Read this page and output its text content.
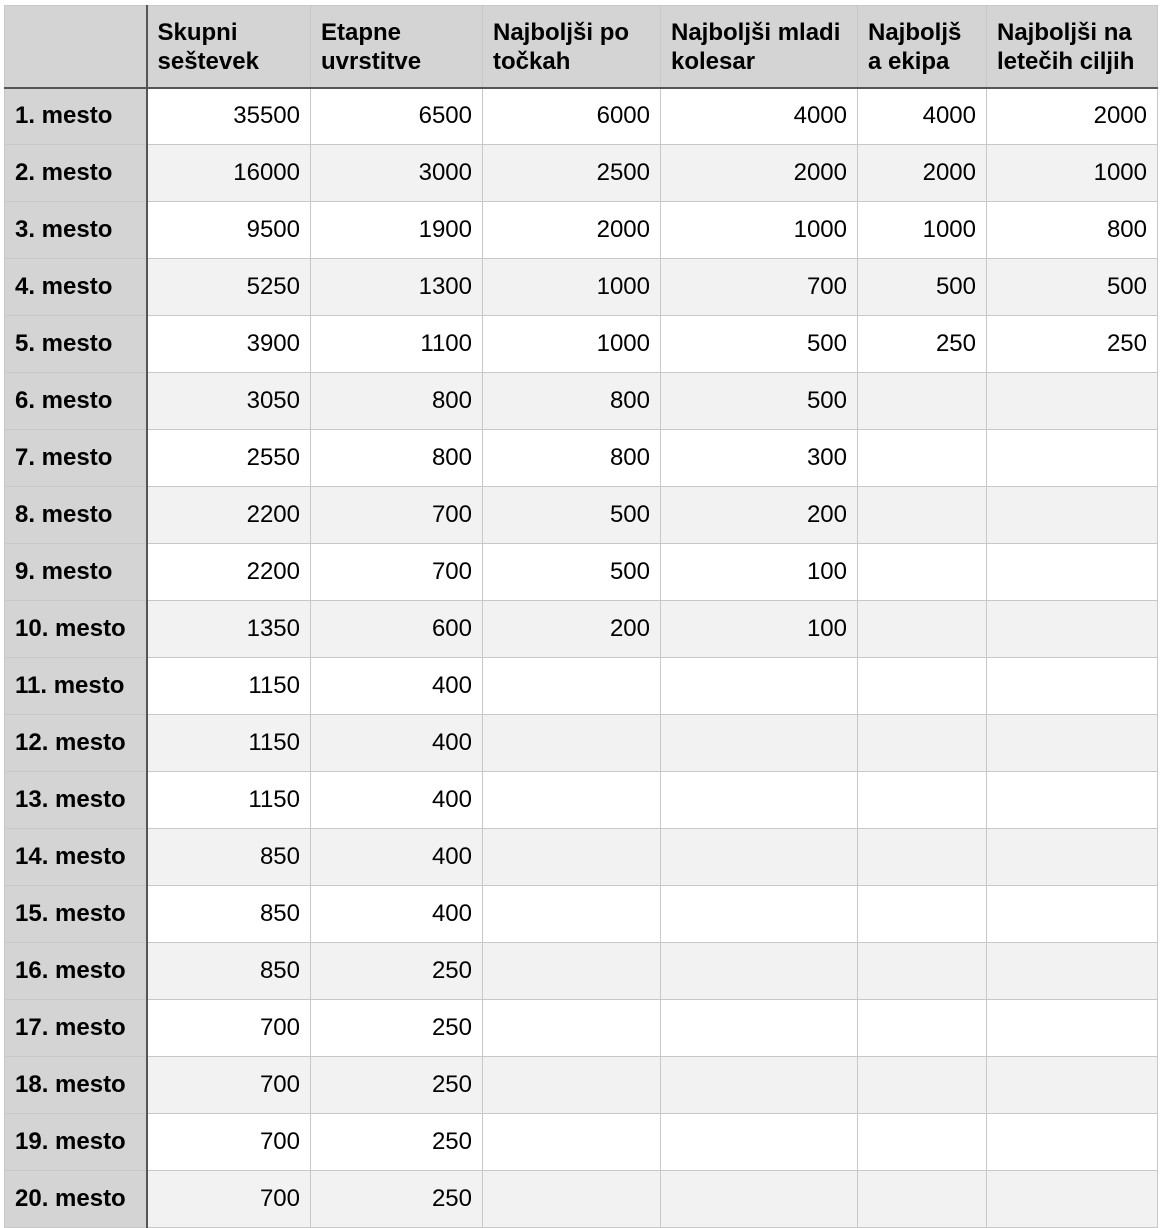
	Skupni seštevek	Etapne uvrstitve	Najboljši po točkah	Najboljši mladi kolesar	Najboljš a ekipa	Najboljši na letečih ciljih
1. mesto	35500	6500	6000	4000	4000	2000
2. mesto	16000	3000	2500	2000	2000	1000
3. mesto	9500	1900	2000	1000	1000	800
4. mesto	5250	1300	1000	700	500	500
5. mesto	3900	1100	1000	500	250	250
6. mesto	3050	800	800	500		
7. mesto	2550	800	800	300		
8. mesto	2200	700	500	200		
9. mesto	2200	700	500	100		
10. mesto	1350	600	200	100		
11. mesto	1150	400				
12. mesto	1150	400				
13. mesto	1150	400				
14. mesto	850	400				
15. mesto	850	400				
16. mesto	850	250				
17. mesto	700	250				
18. mesto	700	250				
19. mesto	700	250				
20. mesto	700	250				
